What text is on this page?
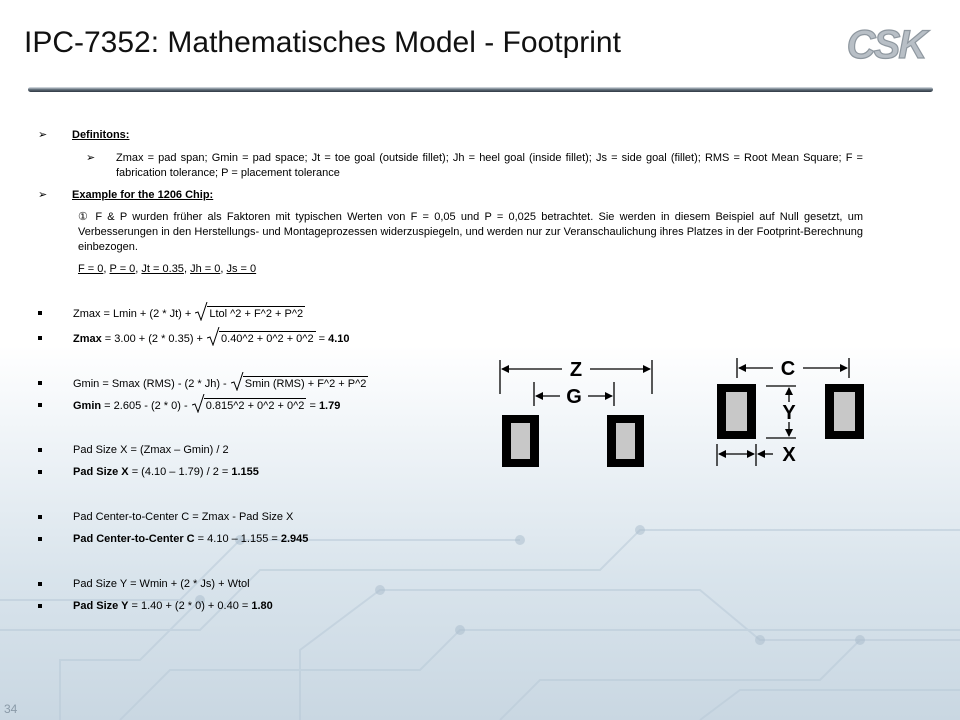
IPC-7352: Mathematisches Model - Footprint	CSK
➢ Definitons:
➢ Zmax = pad span; Gmin = pad space; Jt = toe goal (outside fillet); Jh = heel goal (inside fillet); Js = side goal (fillet); RMS = Root Mean Square; F = fabrication tolerance; P = placement tolerance
➢ Example for the 1206 Chip:
① F & P wurden früher als Faktoren mit typischen Werten von F = 0,05 und P = 0,025 betrachtet. Sie werden in diesem Beispiel auf Null gesetzt, um Verbesserungen in den Herstellungs- und Montageprozessen widerzuspiegeln, und werden nur zur Veranschaulichung ihres Platzes in der Footprint-Berechnung einbezogen.
F = 0, P = 0, Jt = 0.35, Jh = 0, Js = 0
Zmax = Lmin + (2 * Jt) +
Ltol ^2 + F^2 + P^2
Zmax = 3.00 + (2 * 0.35) +
0.40^2 + 0^2 + 0^2 = 4.10
Gmin = Smax (RMS) - (2 * Jh) -
Smin (RMS) + F^2 + P^2
Gmin = 2.605 - (2 * 0) -
0.815^2 + 0^2 + 0^2 = 1.79
Pad Size X = (Zmax – Gmin) / 2
Pad Size X = (4.10 – 1.79) / 2 = 1.155
Pad Center-to-Center C = Zmax - Pad Size X
Pad Center-to-Center C = 4.10 – 1.155 = 2.945
Pad Size Y = Wmin + (2 * Js) + Wtol
Pad Size Y = 1.40 + (2 * 0) + 0.40 = 1.80
Z
G
C
Y
X
34
